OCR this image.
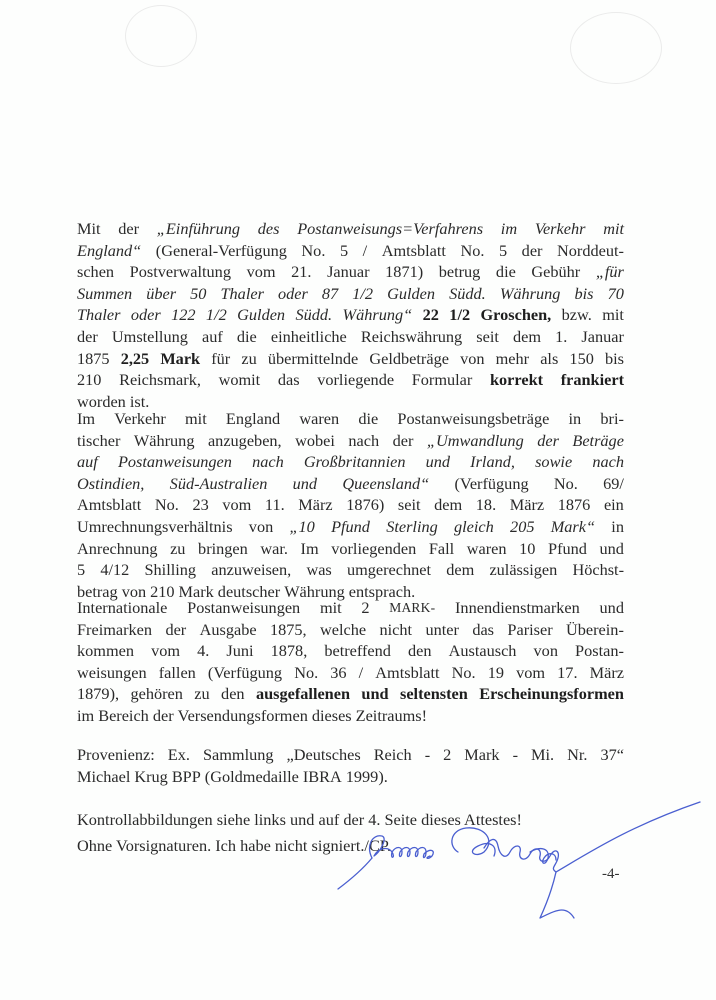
Mit der „Einführung des Postanweisungs=Verfahrens im Verkehr mit
England“ (General-Verfügung No. 5 / Amtsblatt No. 5 der Norddeut-
schen Postverwaltung vom 21. Januar 1871) betrug die Gebühr „für
Summen über 50 Thaler oder 87 1/2 Gulden Südd. Währung bis 70
Thaler oder 122 1/2 Gulden Südd. Währung“ 22 1/2 Groschen, bzw. mit
der Umstellung auf die einheitliche Reichswährung seit dem 1. Januar
1875 2,25 Mark für zu übermittelnde Geldbeträge von mehr als 150 bis
210 Reichsmark, womit das vorliegende Formular korrekt frankiert
worden ist.
Im Verkehr mit England waren die Postanweisungsbeträge in bri-
tischer Währung anzugeben, wobei nach der „Umwandlung der Beträge
auf Postanweisungen nach Großbritannien und Irland, sowie nach
Ostindien, Süd-Australien und Queensland“ (Verfügung No. 69/
Amtsblatt No. 23 vom 11. März 1876) seit dem 18. März 1876 ein
Umrechnungsverhältnis von „10 Pfund Sterling gleich 205 Mark“ in
Anrechnung zu bringen war. Im vorliegenden Fall waren 10 Pfund und
5 4/12 Shilling anzuweisen, was umgerechnet dem zulässigen Höchst-
betrag von 210 Mark deutscher Währung entsprach.
Internationale Postanweisungen mit 2 MARK- Innendienstmarken und
Freimarken der Ausgabe 1875, welche nicht unter das Pariser Überein-
kommen vom 4. Juni 1878, betreffend den Austausch von Postan-
weisungen fallen (Verfügung No. 36 / Amtsblatt No. 19 vom 17. März
1879), gehören zu den ausgefallenen und seltensten Erscheinungsformen
im Bereich der Versendungsformen dieses Zeitraums!
Provenienz: Ex. Sammlung „Deutsches Reich - 2 Mark - Mi. Nr. 37“
Michael Krug BPP (Goldmedaille IBRA 1999).
Kontrollabbildungen siehe links und auf der 4. Seite dieses Attestes!
Ohne Vorsignaturen. Ich habe nicht signiert./CP.
-4-
